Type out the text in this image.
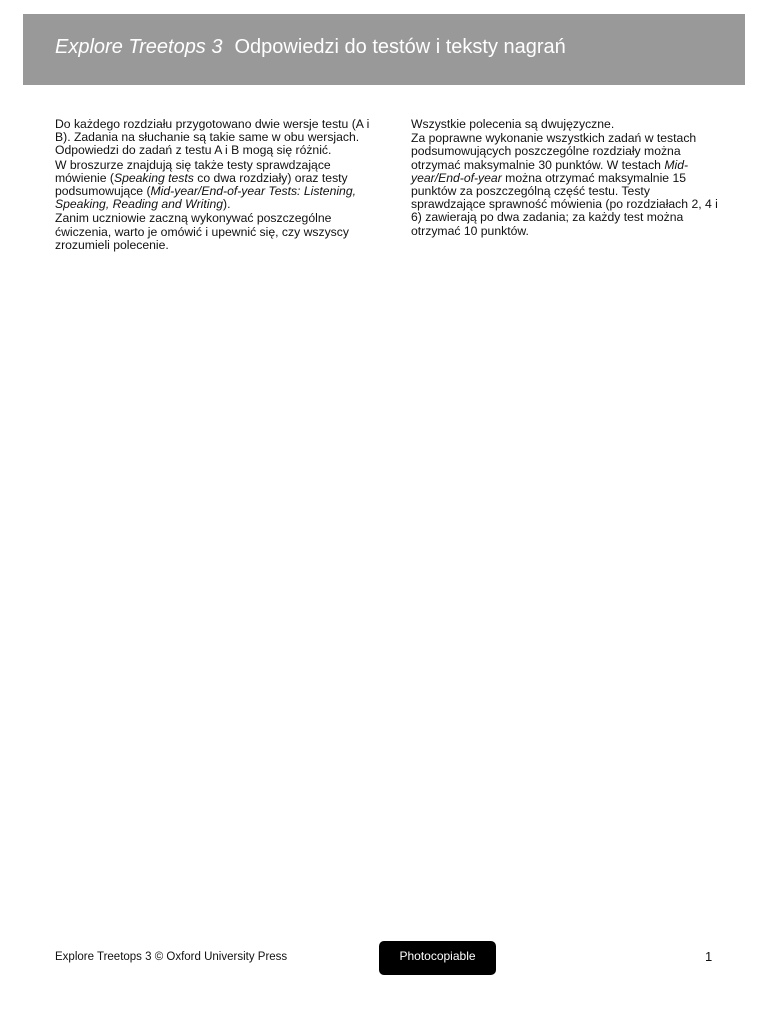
Explore Treetops 3 Odpowiedzi do testów i teksty nagrań

Do każdego rozdziału przygotowano dwie wersje testu (A i B). Zadania na słuchanie są takie same w obu wersjach. Odpowiedzi do zadań z testu A i B mogą się różnić.

W broszurze znajdują się także testy sprawdzające mówienie (Speaking tests co dwa rozdziały) oraz testy podsumowujące (Mid-year/End-of-year Tests: Listening, Speaking, Reading and Writing).

Zanim uczniowie zaczną wykonywać poszczególne ćwiczenia, warto je omówić i upewnić się, czy wszyscy zrozumieli polecenie.

Wszystkie polecenia są dwujęzyczne.

Za poprawne wykonanie wszystkich zadań w testach podsumowujących poszczególne rozdziały można otrzymać maksymalnie 30 punktów. W testach Mid-year/End-of-year można otrzymać maksymalnie 15 punktów za poszczególną część testu. Testy sprawdzające sprawność mówienia (po rozdziałach 2, 4 i 6) zawierają po dwa zadania; za każdy test można otrzymać 10 punktów.

Explore Treetops 3 © Oxford University Press	Photocopiable	1
